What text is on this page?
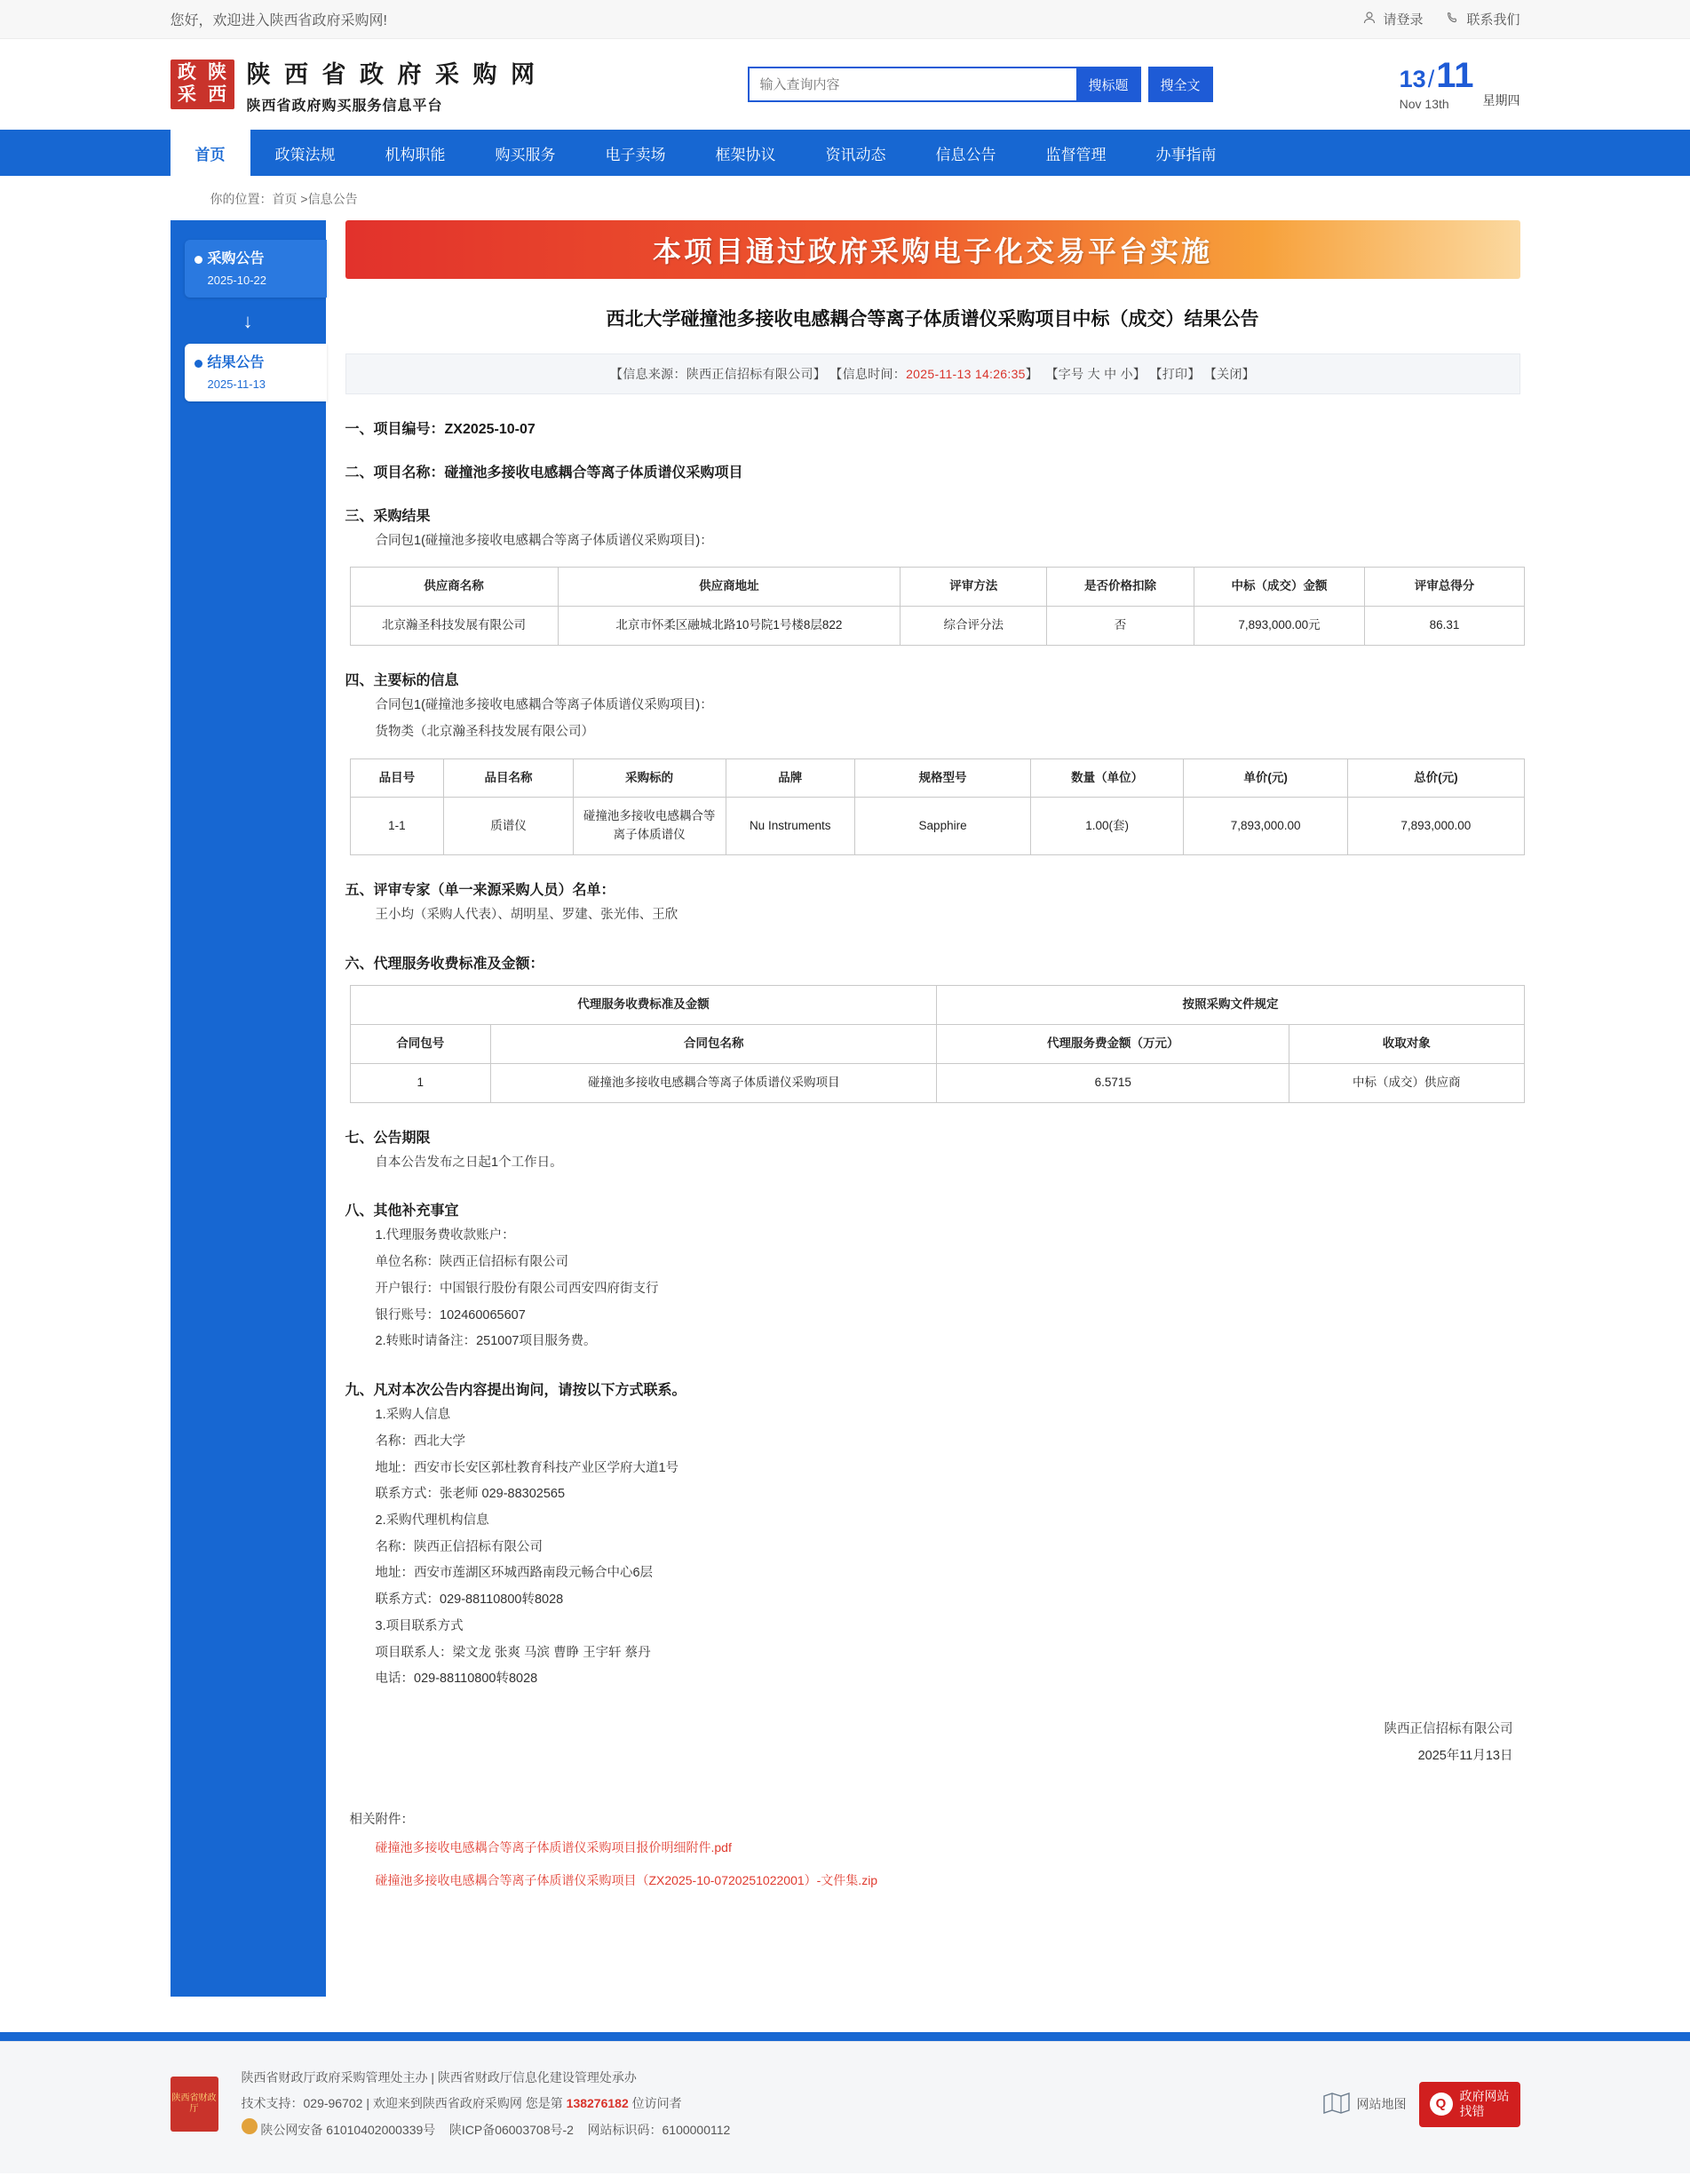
您好，欢迎进入陕西省政府采购网!	请登录	联系我们
政 陕
采 西
陕 西 省 政 府 采 购 网
陕西省政府购买服务信息平台
输入查询内容
搜标题	搜全文	13 / 11
Nov 13th	星期四
首页	政策法规	机构职能	购买服务	电子卖场	框架协议	资讯动态	信息公告	监督管理	办事指南
你的位置：首页 >信息公告
采购公告
2025-10-22
↓
结果公告
2025-11-13
本项目通过政府采购电子化交易平台实施
西北大学碰撞池多接收电感耦合等离子体质谱仪采购项目中标（成交）结果公告
【信息来源：陕西正信招标有限公司】 【信息时间：2025-11-13 14:26:35】 【字号 大 中 小】 【打印】 【关闭】
一、项目编号：ZX2025-10-07
二、项目名称：碰撞池多接收电感耦合等离子体质谱仪采购项目
三、采购结果

合同包1(碰撞池多接收电感耦合等离子体质谱仪采购项目)：

供应商名称	供应商地址	评审方法	是否价格扣除	中标（成交）金额	评审总得分
北京瀚圣科技发展有限公司	北京市怀柔区融城北路10号院1号楼8层822	综合评分法	否	7,893,000.00元	86.31
四、主要标的信息

合同包1(碰撞池多接收电感耦合等离子体质谱仪采购项目)：

货物类（北京瀚圣科技发展有限公司）

品目号	品目名称	采购标的	品牌	规格型号	数量（单位）	单价(元)	总价(元)
1-1	质谱仪	碰撞池多接收电感耦合等离子体质谱仪	Nu Instruments	Sapphire	1.00(套)	7,893,000.00	7,893,000.00
五、评审专家（单一来源采购人员）名单：

王小均（采购人代表）、胡明星、罗建、张光伟、王欣

六、代理服务收费标准及金额：
代理服务收费标准及金额		按照采购文件规定	
合同包号	合同包名称	代理服务费金额（万元）	收取对象
1	碰撞池多接收电感耦合等离子体质谱仪采购项目	6.5715	中标（成交）供应商
七、公告期限

自本公告发布之日起1个工作日。

八、其他补充事宜

1.代理服务费收款账户：

单位名称：陕西正信招标有限公司

开户银行：中国银行股份有限公司西安四府街支行

银行账号：102460065607

2.转账时请备注：251007项目服务费。

九、凡对本次公告内容提出询问，请按以下方式联系。

1.采购人信息

名称：西北大学

地址：西安市长安区郭杜教育科技产业区学府大道1号

联系方式：张老师 029-88302565

2.采购代理机构信息

名称：陕西正信招标有限公司

地址：西安市莲湖区环城西路南段元畅合中心6层

联系方式：029-88110800转8028

3.项目联系方式

项目联系人：梁文龙 张爽 马滨 曹睁 王宇轩 蔡丹

电话：029-88110800转8028

陕西正信招标有限公司
2025年11月13日
相关附件：
碰撞池多接收电感耦合等离子体质谱仪采购项目报价明细附件.pdf
碰撞池多接收电感耦合等离子体质谱仪采购项目（ZX2025-10-0720251022001）-文件集.zip
陕西省财政厅
陕西省财政厅政府采购管理处主办 | 陕西省财政厅信息化建设管理处承办
技术支持：029-96702 | 欢迎来到陕西省政府采购网 您是第 138276182 位访问者
陕公网安备 61010402000339号 陕ICP备06003708号-2 网站标识码：6100000112
网站地图	Q
政府网站
找错
